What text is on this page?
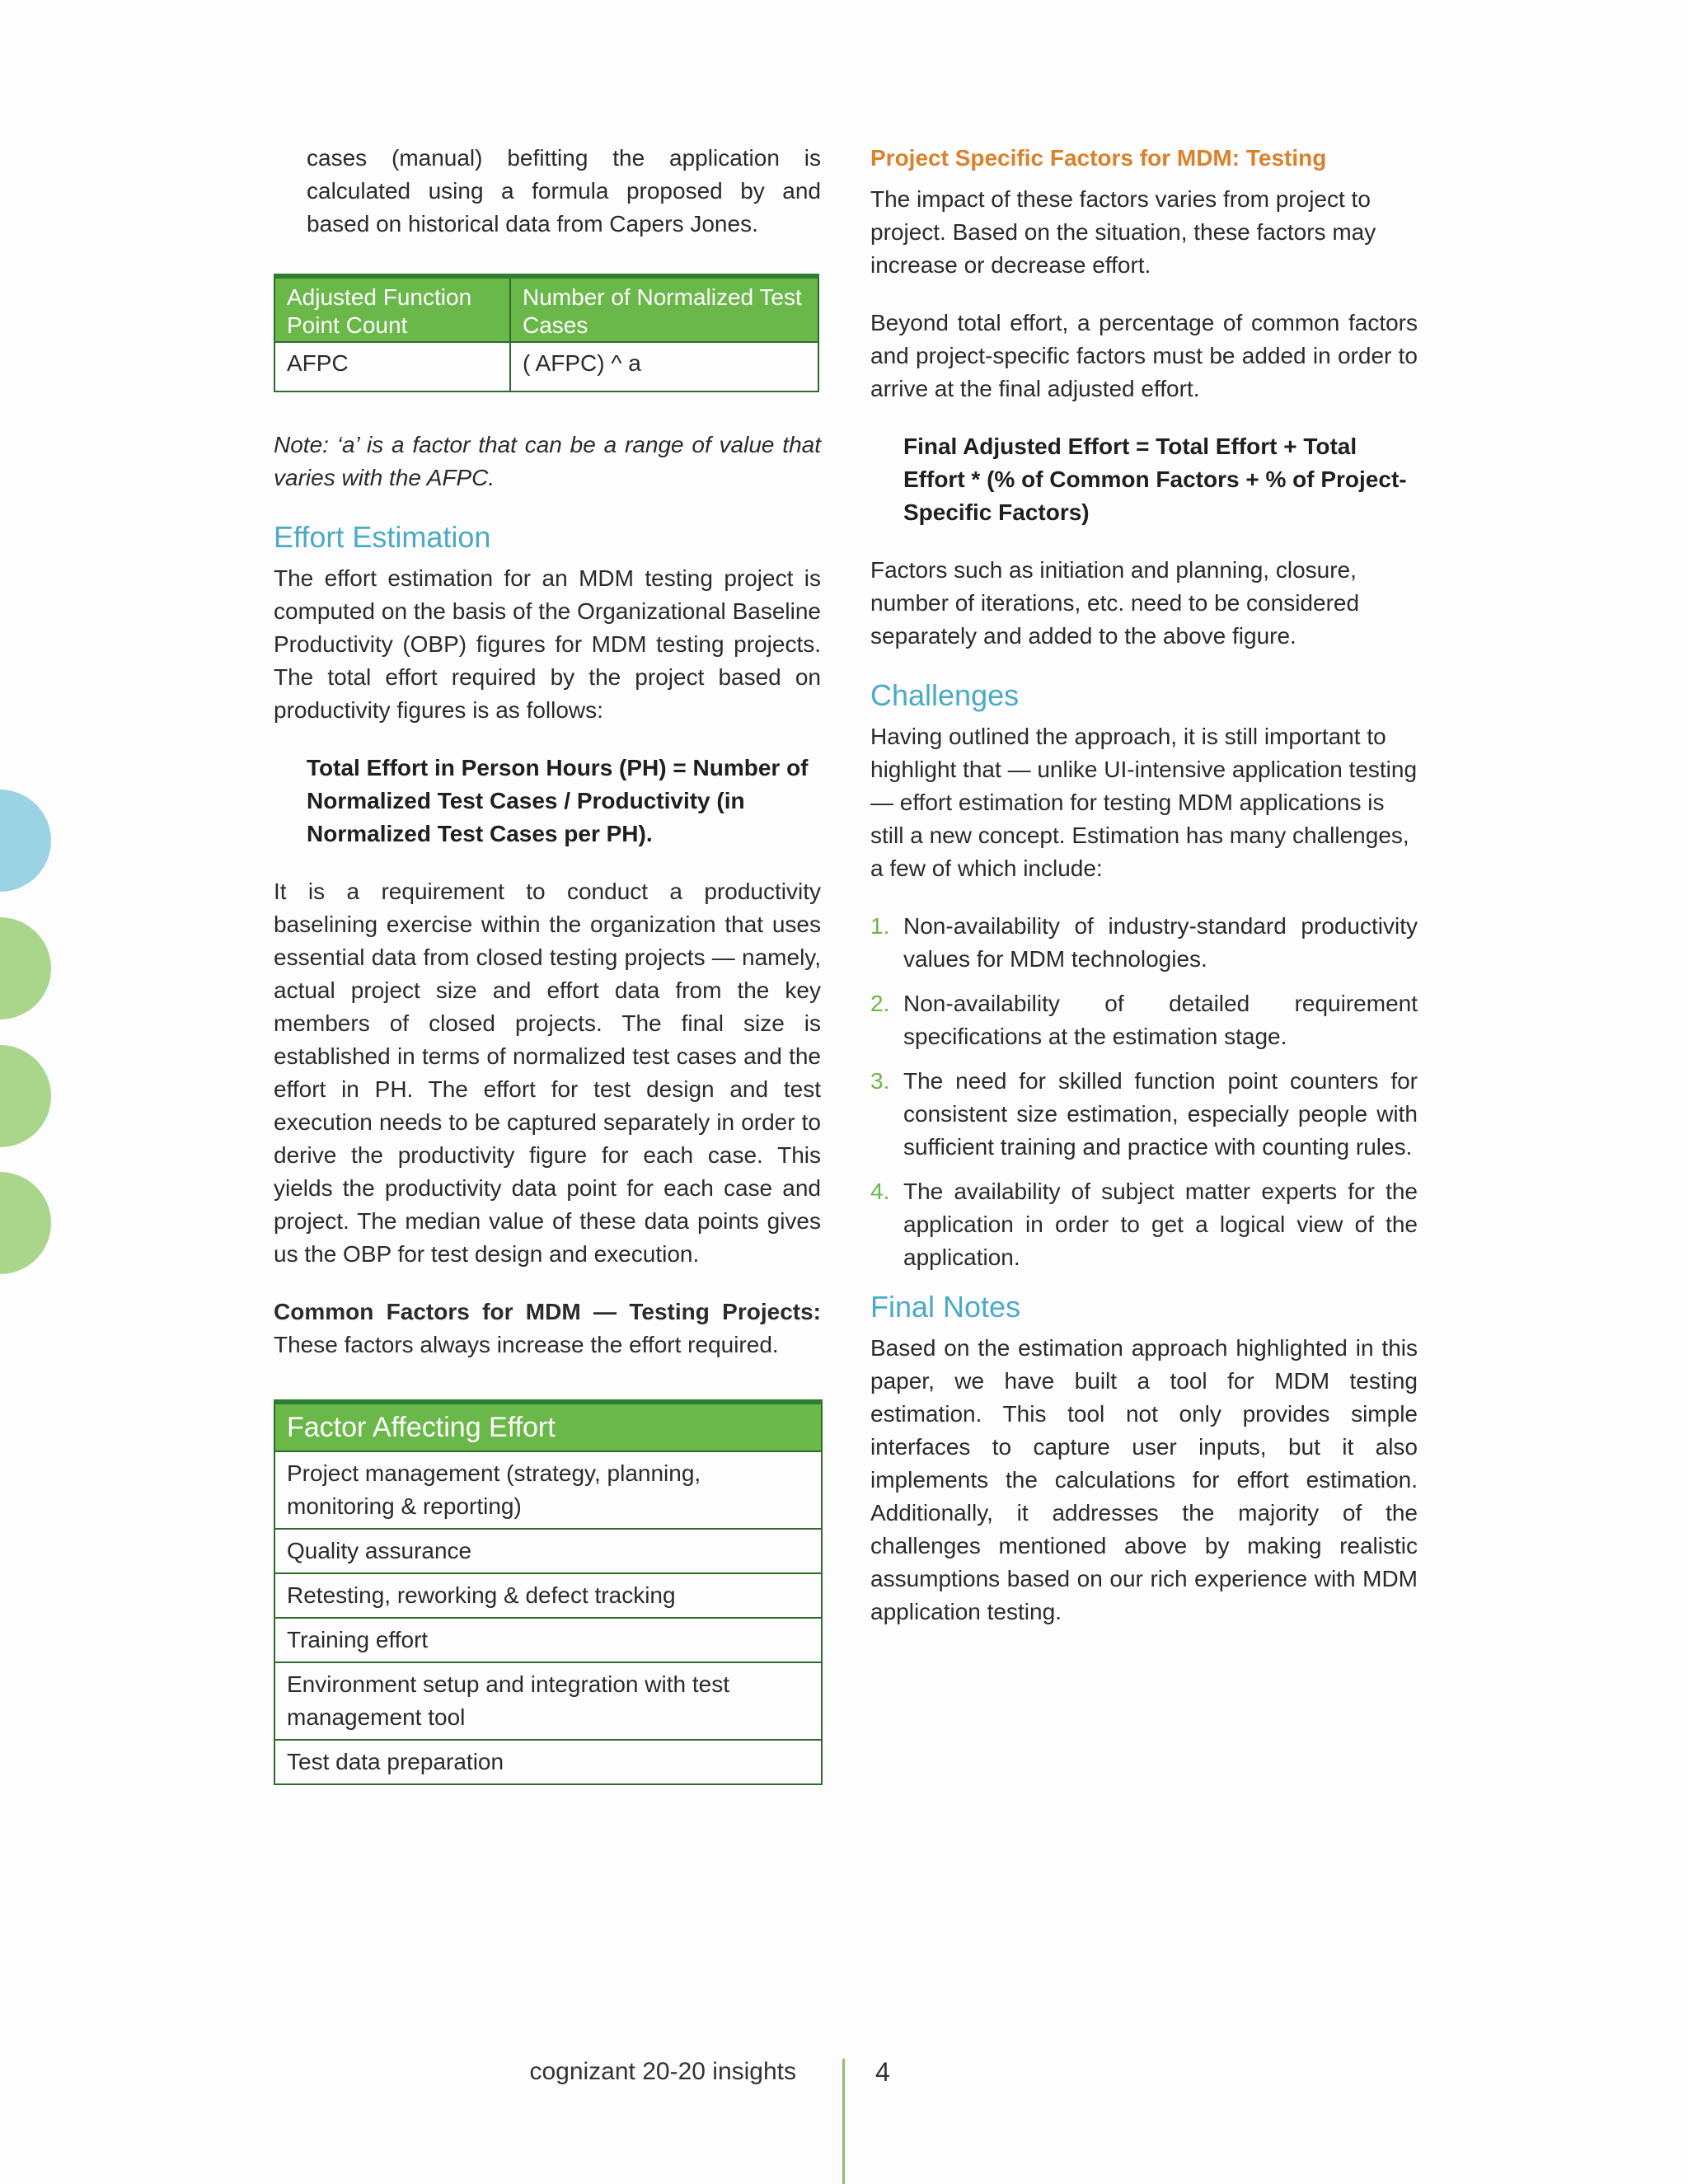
cases (manual) befitting the application is calculated using a formula proposed by and based on historical data from Capers Jones.

Adjusted Function Point Count	Number of Normalized Test Cases
AFPC	( AFPC) ^ a

Note: ‘a’ is a factor that can be a range of value that varies with the AFPC.

Effort Estimation

The effort estimation for an MDM testing project is computed on the basis of the Organizational Baseline Productivity (OBP) figures for MDM testing projects. The total effort required by the project based on productivity figures is as follows:

Total Effort in Person Hours (PH) = Number of Normalized Test Cases / Productivity (in Normalized Test Cases per PH).

It is a requirement to conduct a productivity baselining exercise within the organization that uses essential data from closed testing projects — namely, actual project size and effort data from the key members of closed projects. The final size is established in terms of normalized test cases and the effort in PH. The effort for test design and test execution needs to be captured separately in order to derive the productivity figure for each case. This yields the productivity data point for each case and project. The median value of these data points gives us the OBP for test design and execution.

Common Factors for MDM — Testing Projects: These factors always increase the effort required.

Factor Affecting Effort
Project management (strategy, planning, monitoring & reporting)
Quality assurance
Retesting, reworking & defect tracking
Training effort
Environment setup and integration with test management tool
Test data preparation
Project Specific Factors for MDM: Testing

The impact of these factors varies from project to project. Based on the situation, these factors may increase or decrease effort.

Beyond total effort, a percentage of common factors and project-specific factors must be added in order to arrive at the final adjusted effort.

Final Adjusted Effort = Total Effort + Total Effort * (% of Common Factors + % of Project-Specific Factors)

Factors such as initiation and planning, closure, number of iterations, etc. need to be considered separately and added to the above figure.

Challenges

Having outlined the approach, it is still important to highlight that — unlike UI-intensive application testing — effort estimation for testing MDM applications is still a new concept. Estimation has many challenges, a few of which include:

1. Non-availability of industry-standard productivity values for MDM technologies.
2. Non-availability of detailed requirement specifications at the estimation stage.
3. The need for skilled function point counters for consistent size estimation, especially people with sufficient training and practice with counting rules.
4. The availability of subject matter experts for the application in order to get a logical view of the application.
Final Notes

Based on the estimation approach highlighted in this paper, we have built a tool for MDM testing estimation. This tool not only provides simple interfaces to capture user inputs, but it also implements the calculations for effort estimation. Additionally, it addresses the majority of the challenges mentioned above by making realistic assumptions based on our rich experience with MDM application testing.

cognizant 20-20 insights	4
